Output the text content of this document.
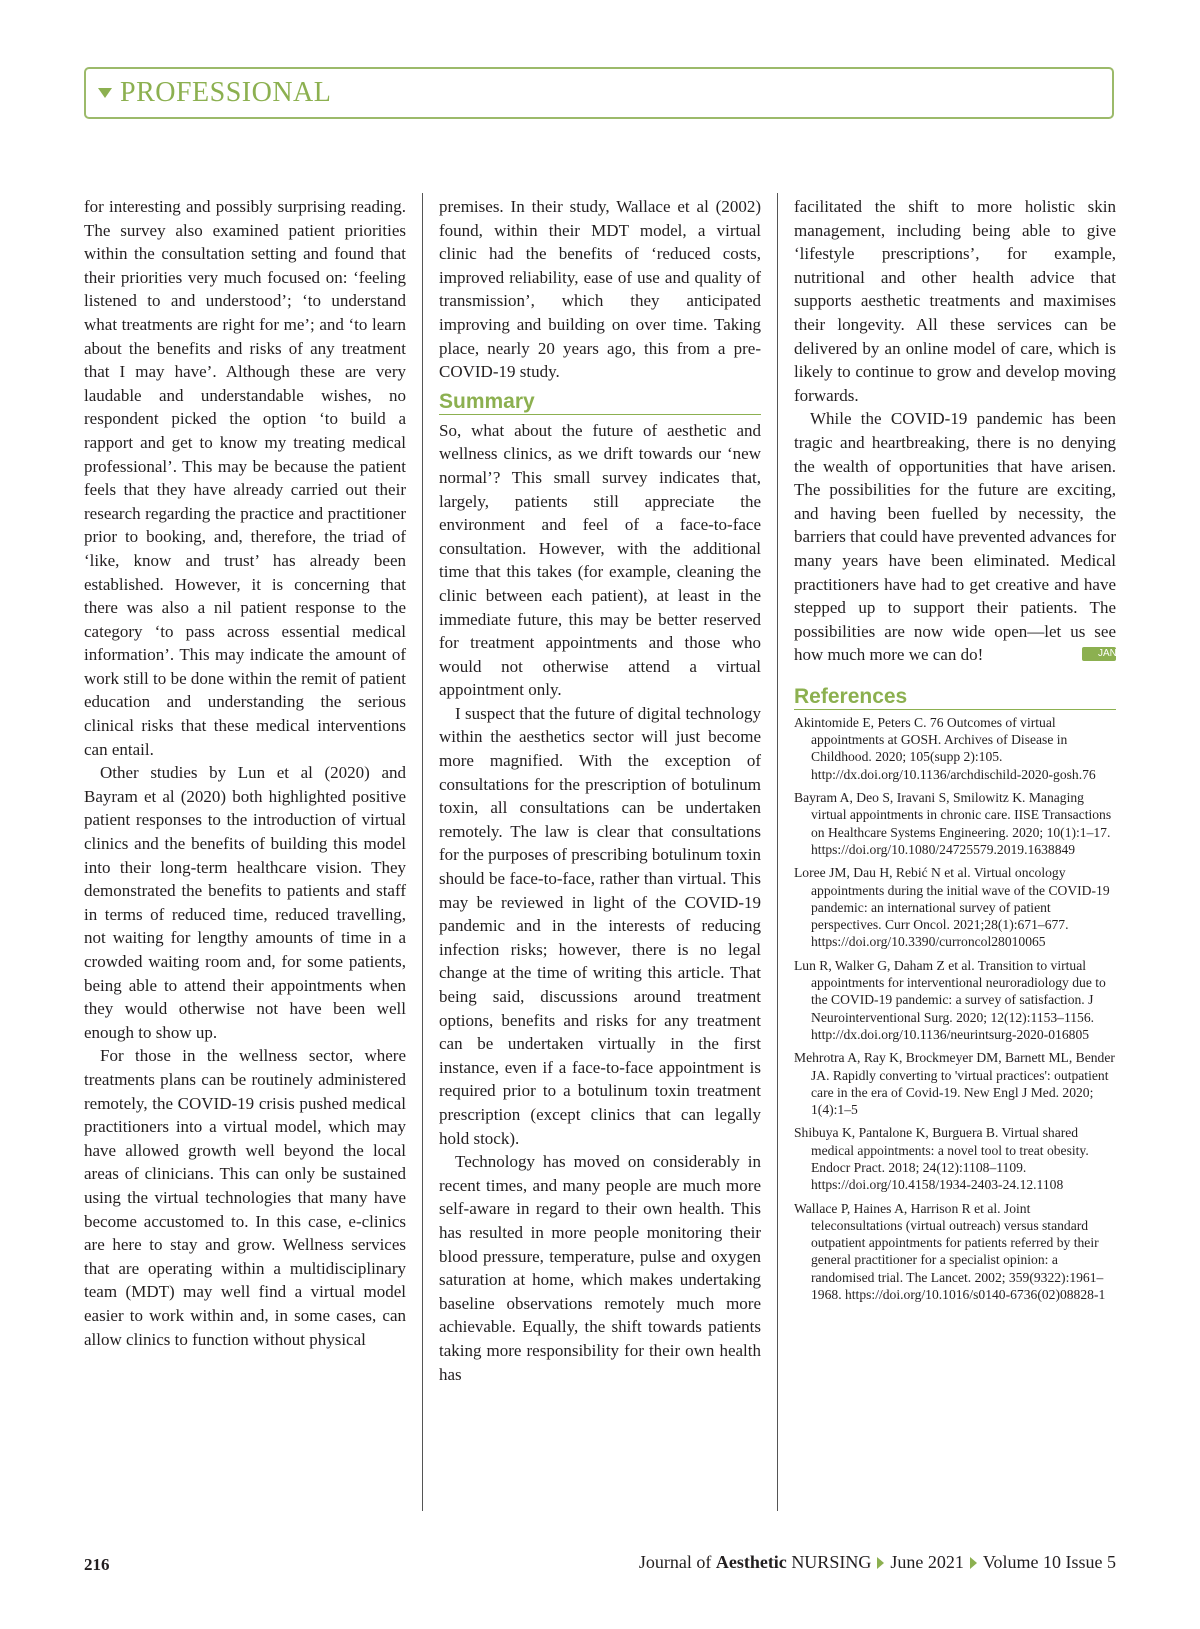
PROFESSIONAL

for interesting and possibly surprising reading. The survey also examined patient priorities within the consultation setting and found that their priorities very much focused on: ‘feeling listened to and understood’; ‘to understand what treatments are right for me’; and ‘to learn about the benefits and risks of any treatment that I may have’. Although these are very laudable and understandable wishes, no respondent picked the option ‘to build a rapport and get to know my treating medical professional’. This may be because the patient feels that they have already carried out their research regarding the practice and practitioner prior to booking, and, therefore, the triad of ‘like, know and trust’ has already been established. However, it is concerning that there was also a nil patient response to the category ‘to pass across essential medical information’. This may indicate the amount of work still to be done within the remit of patient education and understanding the serious clinical risks that these medical interventions can entail.

Other studies by Lun et al (2020) and Bayram et al (2020) both highlighted positive patient responses to the introduction of virtual clinics and the benefits of building this model into their long-term healthcare vision. They demonstrated the benefits to patients and staff in terms of reduced time, reduced travelling, not waiting for lengthy amounts of time in a crowded waiting room and, for some patients, being able to attend their appointments when they would otherwise not have been well enough to show up.

For those in the wellness sector, where treatments plans can be routinely administered remotely, the COVID-19 crisis pushed medical practitioners into a virtual model, which may have allowed growth well beyond the local areas of clinicians. This can only be sustained using the virtual technologies that many have become accustomed to. In this case, e-clinics are here to stay and grow. Wellness services that are operating within a multidisciplinary team (MDT) may well find a virtual model easier to work within and, in some cases, can allow clinics to function without physical

premises. In their study, Wallace et al (2002) found, within their MDT model, a virtual clinic had the benefits of ‘reduced costs, improved reliability, ease of use and quality of transmission’, which they anticipated improving and building on over time. Taking place, nearly 20 years ago, this from a pre-COVID-19 study.

Summary

So, what about the future of aesthetic and wellness clinics, as we drift towards our ‘new normal’? This small survey indicates that, largely, patients still appreciate the environment and feel of a face-to-face consultation. However, with the additional time that this takes (for example, cleaning the clinic between each patient), at least in the immediate future, this may be better reserved for treatment appointments and those who would not otherwise attend a virtual appointment only.

I suspect that the future of digital technology within the aesthetics sector will just become more magnified. With the exception of consultations for the prescription of botulinum toxin, all consultations can be undertaken remotely. The law is clear that consultations for the purposes of prescribing botulinum toxin should be face-to-face, rather than virtual. This may be reviewed in light of the COVID-19 pandemic and in the interests of reducing infection risks; however, there is no legal change at the time of writing this article. That being said, discussions around treatment options, benefits and risks for any treatment can be undertaken virtually in the first instance, even if a face-to-face appointment is required prior to a botulinum toxin treatment prescription (except clinics that can legally hold stock).

Technology has moved on considerably in recent times, and many people are much more self-aware in regard to their own health. This has resulted in more people monitoring their blood pressure, temperature, pulse and oxygen saturation at home, which makes undertaking baseline observations remotely much more achievable. Equally, the shift towards patients taking more responsibility for their own health has

facilitated the shift to more holistic skin management, including being able to give ‘lifestyle prescriptions’, for example, nutritional and other health advice that supports aesthetic treatments and maximises their longevity. All these services can be delivered by an online model of care, which is likely to continue to grow and develop moving forwards.

While the COVID-19 pandemic has been tragic and heartbreaking, there is no denying the wealth of opportunities that have arisen. The possibilities for the future are exciting, and having been fuelled by necessity, the barriers that could have prevented advances for many years have been eliminated. Medical practitioners have had to get creative and have stepped up to support their patients. The possibilities are now wide open—let us see how much more we can do!	JAN

References
Akintomide E, Peters C. 76 Outcomes of virtual appointments at GOSH. Archives of Disease in Childhood. 2020; 105(supp 2):105. http://dx.doi.org/10.1136/archdischild-2020-gosh.76
Bayram A, Deo S, Iravani S, Smilowitz K. Managing virtual appointments in chronic care. IISE Transactions on Healthcare Systems Engineering. 2020; 10(1):1–17. https://doi.org/10.1080/24725579.2019.1638849
Loree JM, Dau H, Rebić N et al. Virtual oncology appointments during the initial wave of the COVID-19 pandemic: an international survey of patient perspectives. Curr Oncol. 2021;28(1):671–677. https://doi.org/10.3390/curroncol28010065
Lun R, Walker G, Daham Z et al. Transition to virtual appointments for interventional neuroradiology due to the COVID-19 pandemic: a survey of satisfaction. J Neurointerventional Surg. 2020; 12(12):1153–1156. http://dx.doi.org/10.1136/neurintsurg-2020-016805
Mehrotra A, Ray K, Brockmeyer DM, Barnett ML, Bender JA. Rapidly converting to 'virtual practices': outpatient care in the era of Covid-19. New Engl J Med. 2020; 1(4):1–5
Shibuya K, Pantalone K, Burguera B. Virtual shared medical appointments: a novel tool to treat obesity. Endocr Pract. 2018; 24(12):1108–1109. https://doi.org/10.4158/1934-2403-24.12.1108
Wallace P, Haines A, Harrison R et al. Joint teleconsultations (virtual outreach) versus standard outpatient appointments for patients referred by their general practitioner for a specialist opinion: a randomised trial. The Lancet. 2002; 359(9322):1961–1968. https://doi.org/10.1016/s0140-6736(02)08828-1
216	Journal of Aesthetic NURSING June 2021 Volume 10 Issue 5
